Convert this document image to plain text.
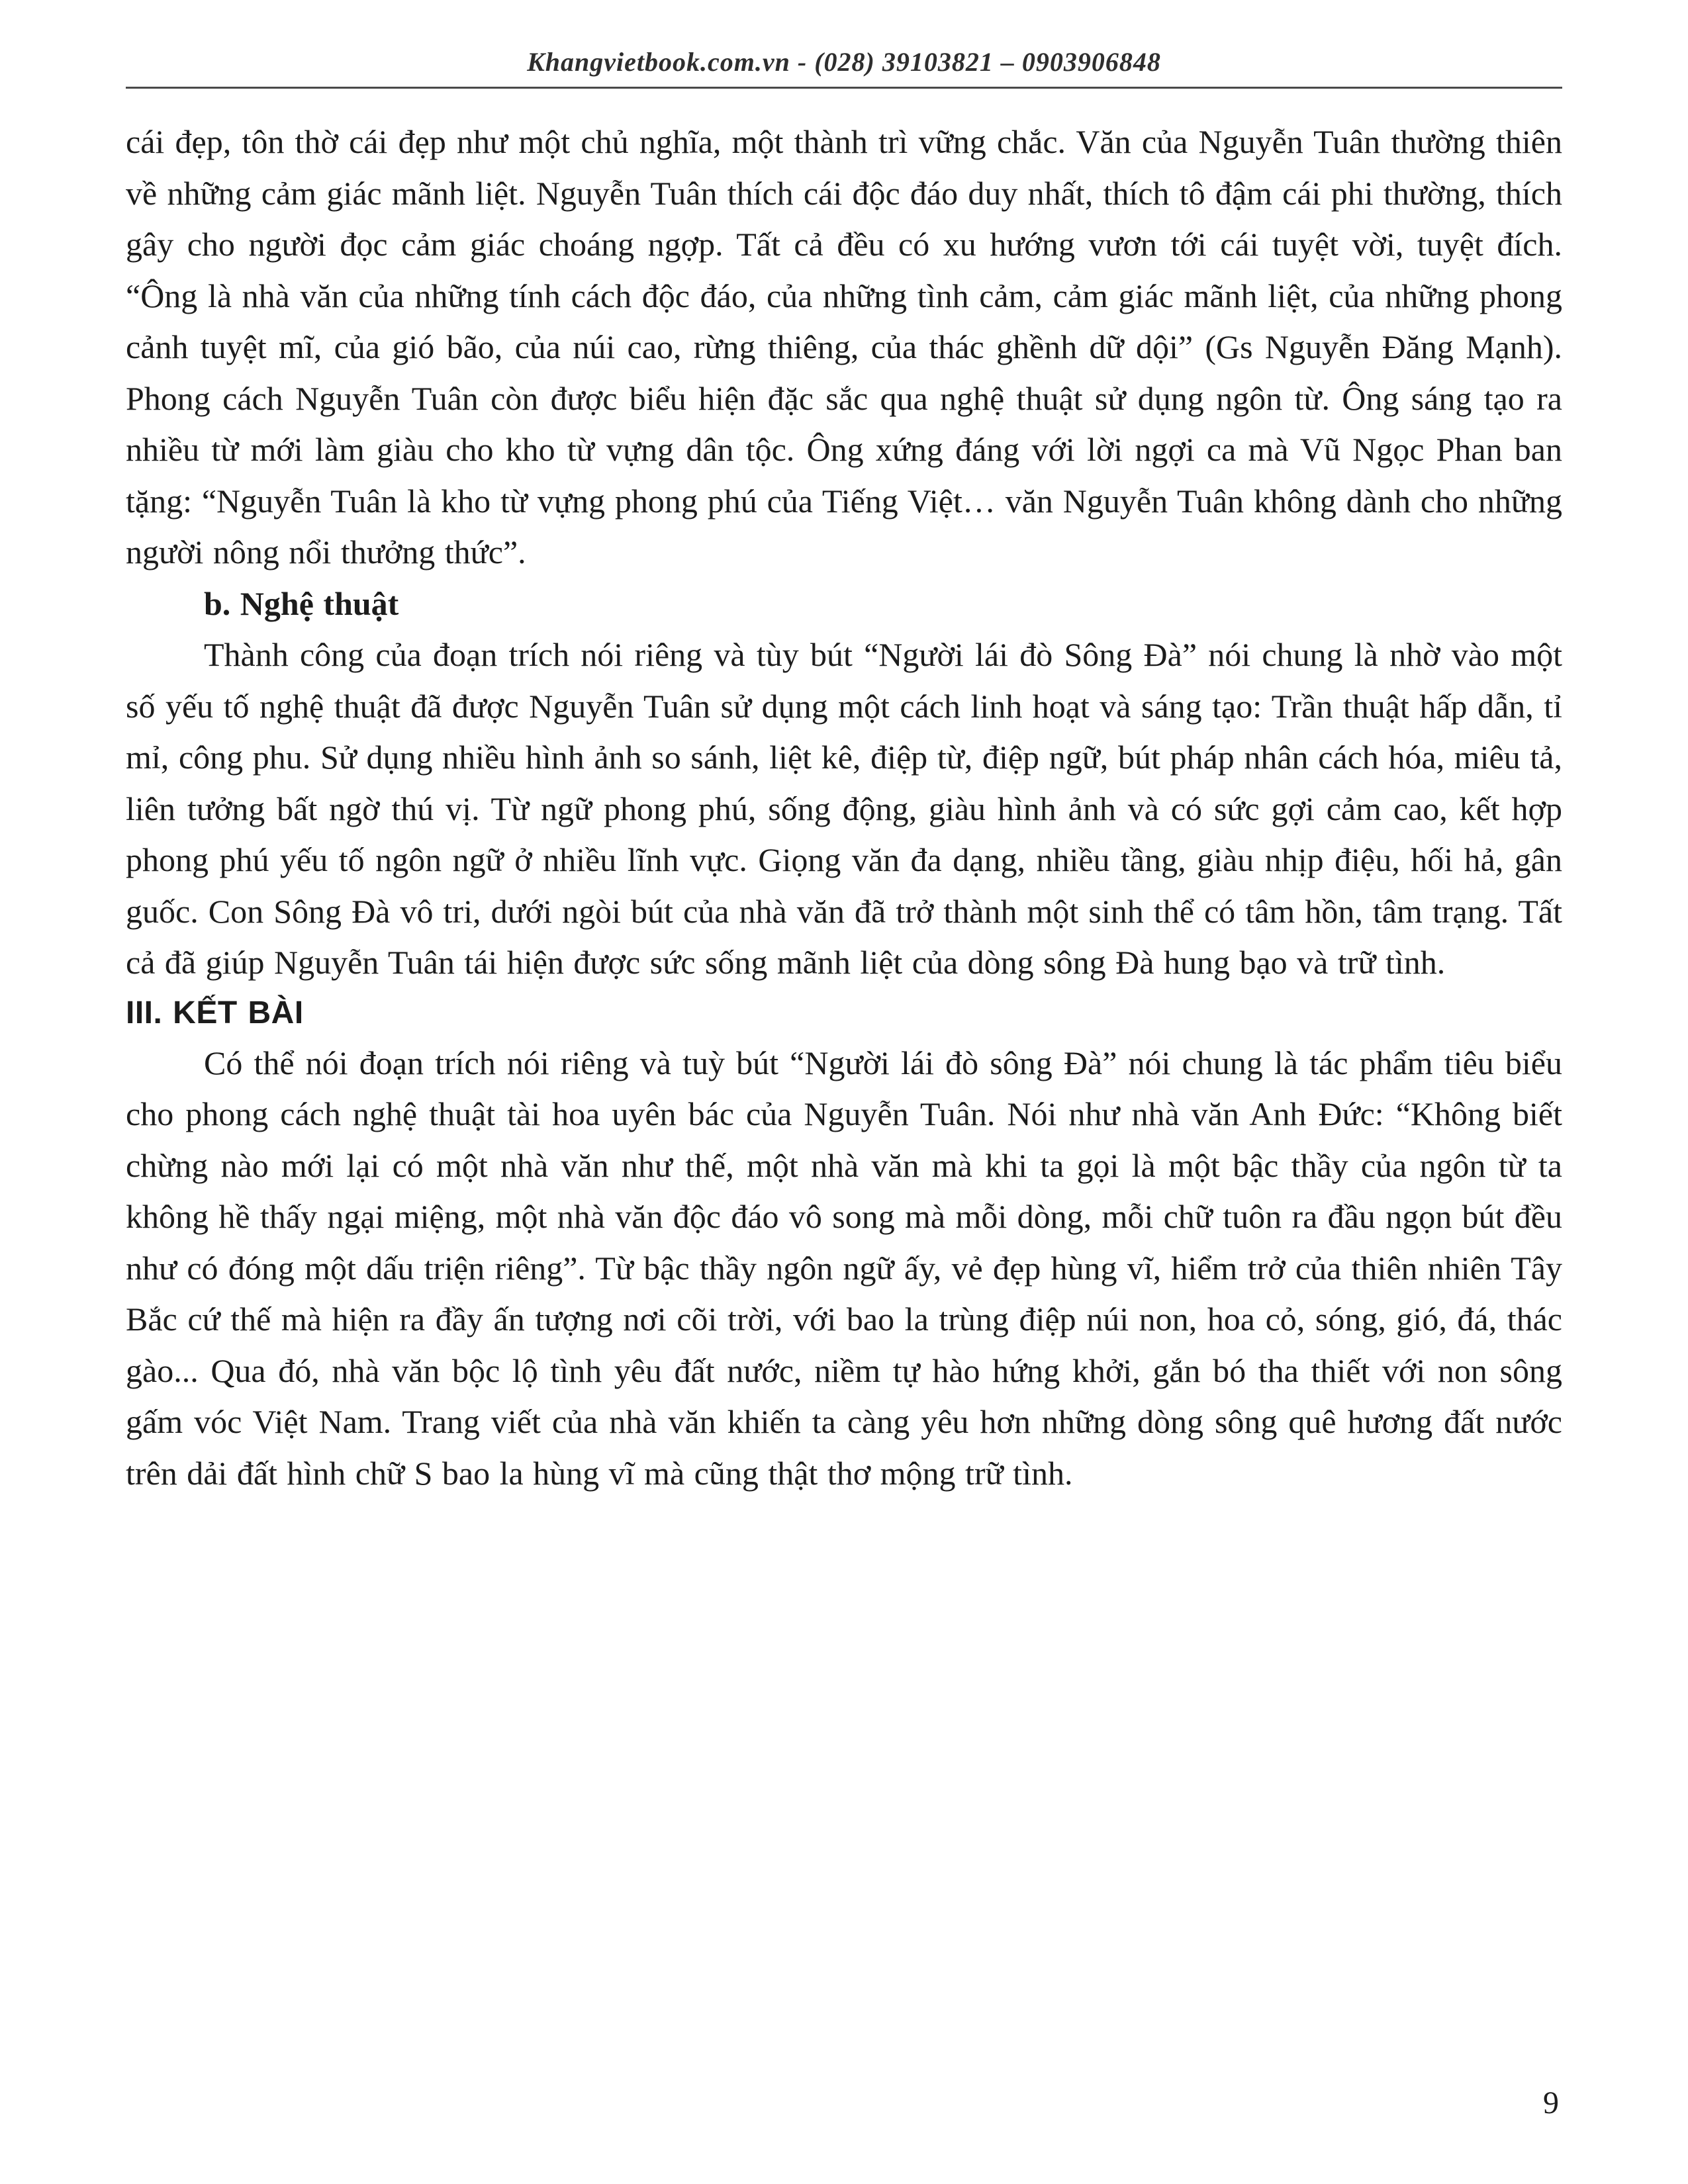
Khangvietbook.com.vn - (028) 39103821 – 0903906848

cái đẹp, tôn thờ cái đẹp như một chủ nghĩa, một thành trì vững chắc. Văn của Nguyễn Tuân thường thiên về những cảm giác mãnh liệt. Nguyễn Tuân thích cái độc đáo duy nhất, thích tô đậm cái phi thường, thích gây cho người đọc cảm giác choáng ngợp. Tất cả đều có xu hướng vươn tới cái tuyệt vời, tuyệt đích. “Ông là nhà văn của những tính cách độc đáo, của những tình cảm, cảm giác mãnh liệt, của những phong cảnh tuyệt mĩ, của gió bão, của núi cao, rừng thiêng, của thác ghềnh dữ dội” (Gs Nguyễn Đăng Mạnh). Phong cách Nguyễn Tuân còn được biểu hiện đặc sắc qua nghệ thuật sử dụng ngôn từ. Ông sáng tạo ra nhiều từ mới làm giàu cho kho từ vựng dân tộc. Ông xứng đáng với lời ngợi ca mà Vũ Ngọc Phan ban tặng: “Nguyễn Tuân là kho từ vựng phong phú của Tiếng Việt… văn Nguyễn Tuân không dành cho những người nông nổi thưởng thức”.

b. Nghệ thuật

Thành công của đoạn trích nói riêng và tùy bút “Người lái đò Sông Đà” nói chung là nhờ vào một số yếu tố nghệ thuật đã được Nguyễn Tuân sử dụng một cách linh hoạt và sáng tạo: Trần thuật hấp dẫn, tỉ mỉ, công phu. Sử dụng nhiều hình ảnh so sánh, liệt kê, điệp từ, điệp ngữ, bút pháp nhân cách hóa, miêu tả, liên tưởng bất ngờ thú vị. Từ ngữ phong phú, sống động, giàu hình ảnh và có sức gợi cảm cao, kết hợp phong phú yếu tố ngôn ngữ ở nhiều lĩnh vực. Giọng văn đa dạng, nhiều tầng, giàu nhịp điệu, hối hả, gân guốc. Con Sông Đà vô tri, dưới ngòi bút của nhà văn đã trở thành một sinh thể có tâm hồn, tâm trạng. Tất cả đã giúp Nguyễn Tuân tái hiện được sức sống mãnh liệt của dòng sông Đà hung bạo và trữ tình.

III. KẾT BÀI

Có thể nói đoạn trích nói riêng và tuỳ bút “Người lái đò sông Đà” nói chung là tác phẩm tiêu biểu cho phong cách nghệ thuật tài hoa uyên bác của Nguyễn Tuân. Nói như nhà văn Anh Đức: “Không biết chừng nào mới lại có một nhà văn như thế, một nhà văn mà khi ta gọi là một bậc thầy của ngôn từ ta không hề thấy ngại miệng, một nhà văn độc đáo vô song mà mỗi dòng, mỗi chữ tuôn ra đầu ngọn bút đều như có đóng một dấu triện riêng”. Từ bậc thầy ngôn ngữ ấy, vẻ đẹp hùng vĩ, hiểm trở của thiên nhiên Tây Bắc cứ thế mà hiện ra đầy ấn tượng nơi cõi trời, với bao la trùng điệp núi non, hoa cỏ, sóng, gió, đá, thác gào... Qua đó, nhà văn bộc lộ tình yêu đất nước, niềm tự hào hứng khởi, gắn bó tha thiết với non sông gấm vóc Việt Nam. Trang viết của nhà văn khiến ta càng yêu hơn những dòng sông quê hương đất nước trên dải đất hình chữ S bao la hùng vĩ mà cũng thật thơ mộng trữ tình.

9
